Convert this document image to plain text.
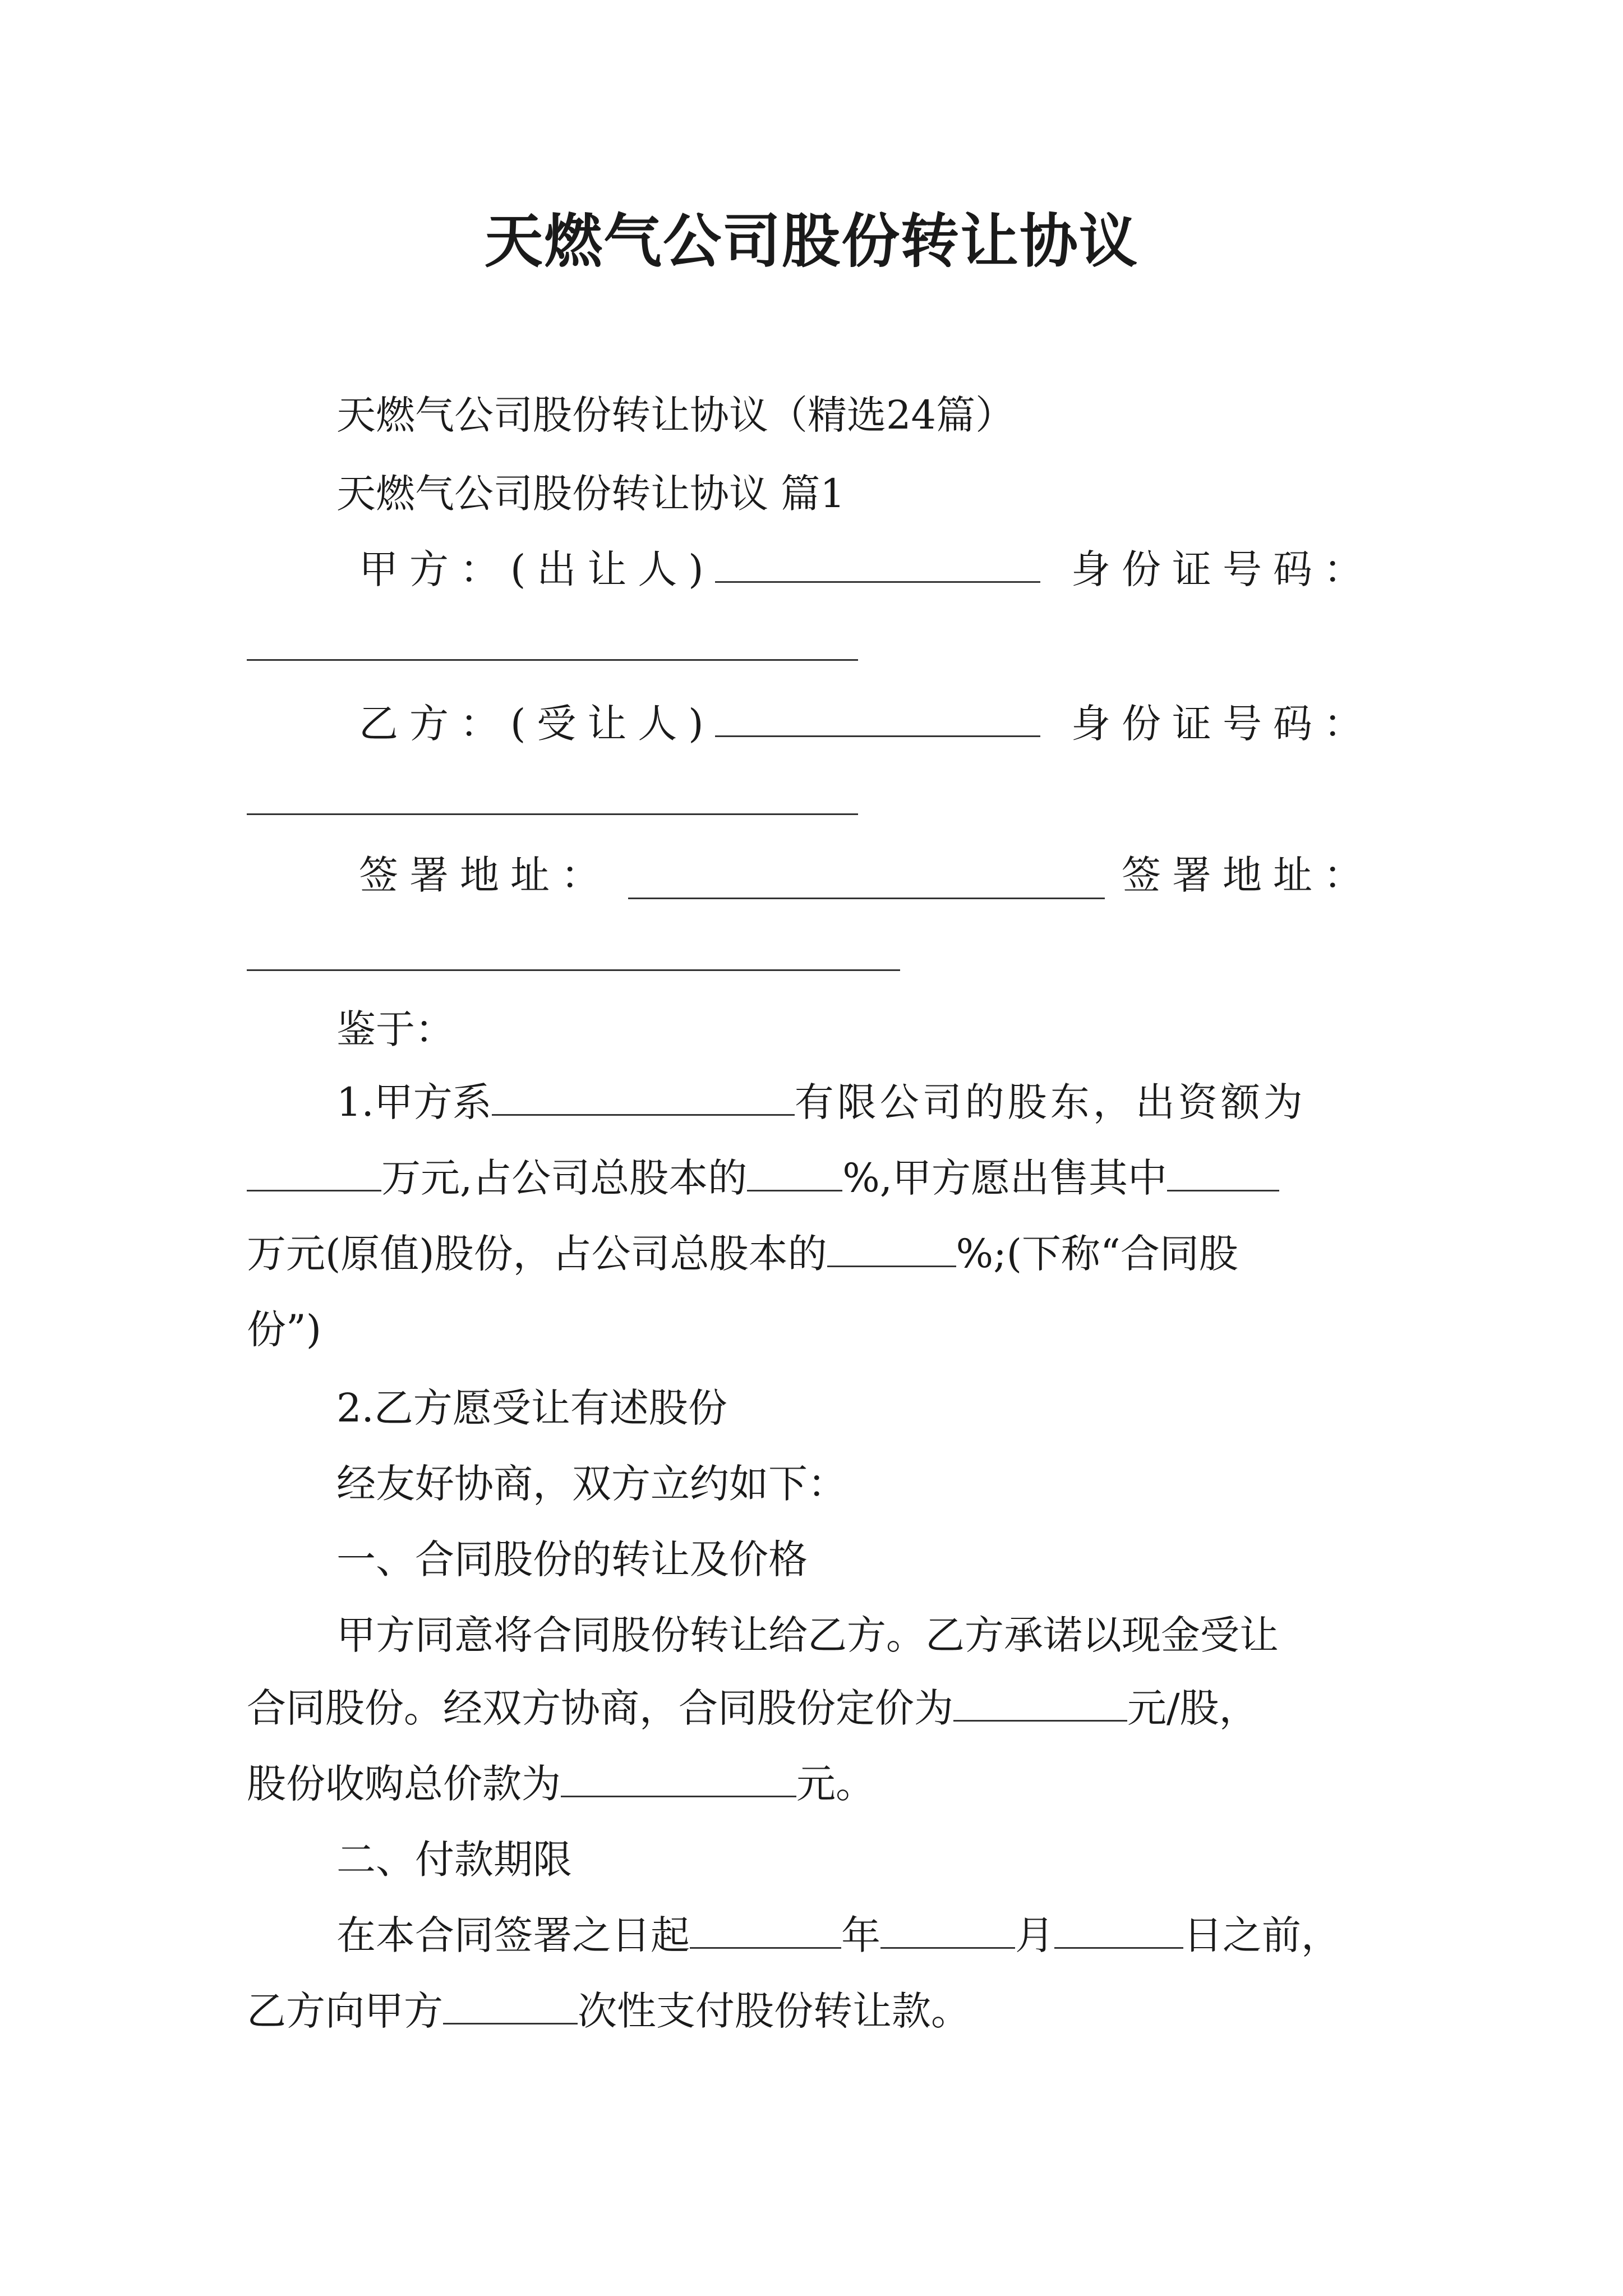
天燃气公司股份转让协议
天燃气公司股份转让协议（精选24篇）
天燃气公司股份转让协议 篇1
甲方：(出让人)	身份证号码：
乙方：(受让人)	身份证号码：
签署地址：	签署地址：
鉴于：
1.甲方系	有限公司的股东，出资额为
万元,占公司总股本的 %,甲方愿出售其中
万元(原值)股份，占公司总股本的	%;(下称“合同股
份”)
2.乙方愿受让有述股份
经友好协商，双方立约如下：
一、合同股份的转让及价格
甲方同意将合同股份转让给乙方。乙方承诺以现金受让
合同股份。经双方协商，合同股份定价为	元/股，
股份收购总价款为	元。
二、付款期限
在本合同签署之日起	年	月	日之前，
乙方向甲方	次性支付股份转让款。
